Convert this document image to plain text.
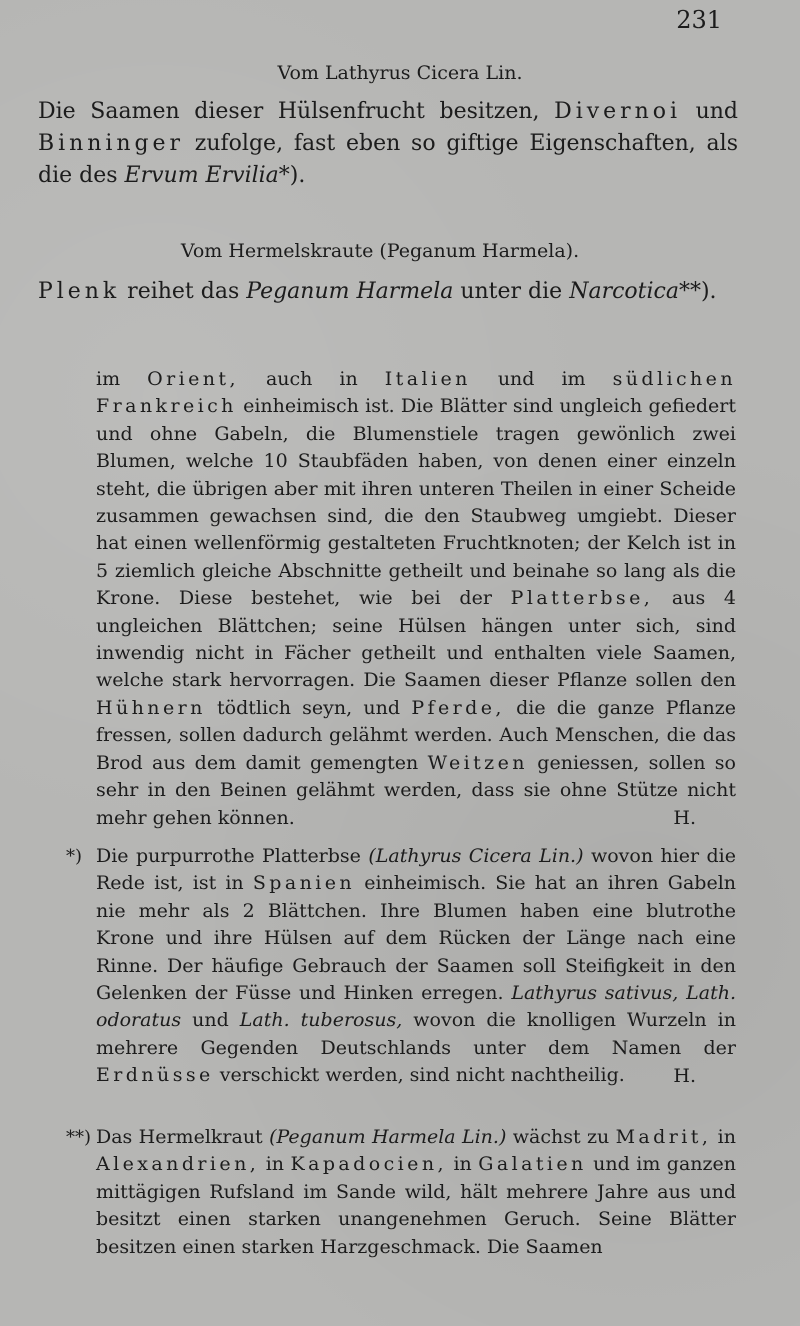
231
Vom Lathyrus Cicera Lin.
Die Saamen dieser Hülsenfrucht besitzen, Divernoi und Binninger zufolge, fast eben so giftige Eigenschaften, als die des Ervum Ervilia*).
Vom Hermelskraute (Peganum Harmela).
Plenk reihet das Peganum Harmela unter die Narcotica**).
im Orient, auch in Italien und im südlichen Frankreich einheimisch ist. Die Blätter sind ungleich gefiedert und ohne Gabeln, die Blumenstiele tragen gewönlich zwei Blumen, welche 10 Staubfäden haben, von denen einer einzeln steht, die übrigen aber mit ihren unteren Theilen in einer Scheide zusammen gewachsen sind, die den Staubweg umgiebt. Dieser hat einen wellenförmig gestalteten Fruchtknoten; der Kelch ist in 5 ziemlich gleiche Abschnitte getheilt und beinahe so lang als die Krone. Diese bestehet, wie bei der Platterbse, aus 4 ungleichen Blättchen; seine Hülsen hängen unter sich, sind inwendig nicht in Fächer getheilt und enthalten viele Saamen, welche stark hervorragen. Die Saamen dieser Pflanze sollen den Hühnern tödtlich seyn, und Pferde, die die ganze Pflanze fressen, sollen dadurch gelähmt werden. Auch Menschen, die das Brod aus dem damit gemengten Weitzen geniessen, sollen so sehr in den Beinen gelähmt werden, dass sie ohne Stütze nicht mehr gehen können.	H.
*) Die purpurrothe Platterbse (Lathyrus Cicera Lin.) wovon hier die Rede ist, ist in Spanien einheimisch. Sie hat an ihren Gabeln nie mehr als 2 Blättchen. Ihre Blumen haben eine blutrothe Krone und ihre Hülsen auf dem Rücken der Länge nach eine Rinne. Der häufige Gebrauch der Saamen soll Steifigkeit in den Gelenken der Füsse und Hinken erregen. Lathyrus sativus, Lath. odoratus und Lath. tuberosus, wovon die knolligen Wurzeln in mehrere Gegenden Deutschlands unter dem Namen der Erdnüsse verschickt werden, sind nicht nachtheilig.	H.
**) Das Hermelkraut (Peganum Harmela Lin.) wächst zu Madrit, in Alexandrien, in Kapadocien, in Galatien und im ganzen mittägigen Rufsland im Sande wild, hält mehrere Jahre aus und besitzt einen starken unangenehmen Geruch. Seine Blätter besitzen einen starken Harzgeschmack. Die Saamen
